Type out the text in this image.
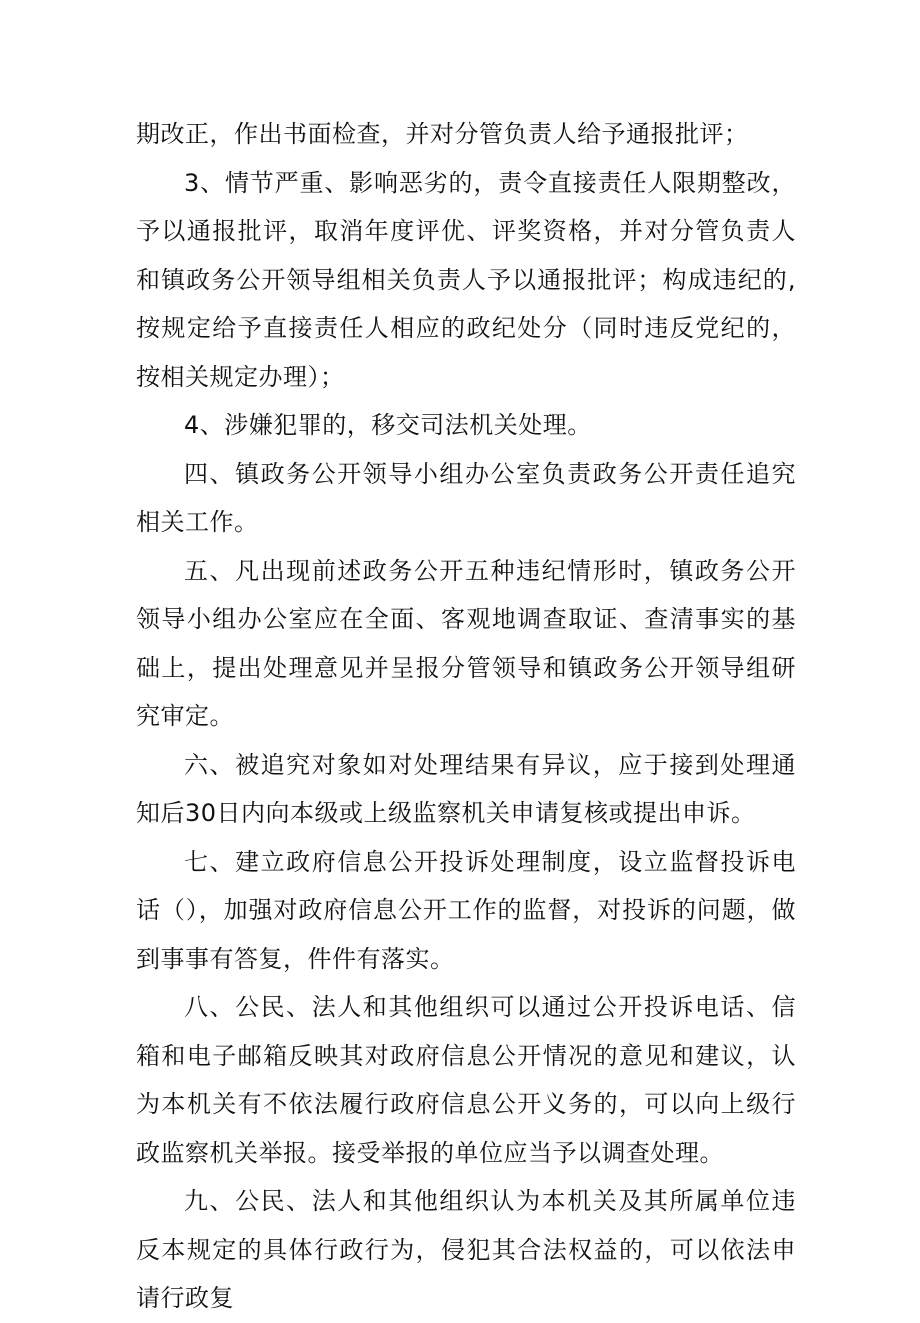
期改正，作出书面检查，并对分管负责人给予通报批评；

3、情节严重、影响恶劣的，责令直接责任人限期整改，予以通报批评，取消年度评优、评奖资格，并对分管负责人和镇政务公开领导组相关负责人予以通报批评；构成违纪的,按规定给予直接责任人相应的政纪处分（同时违反党纪的，按相关规定办理）；

4、涉嫌犯罪的，移交司法机关处理。

四、镇政务公开领导小组办公室负责政务公开责任追究相关工作。

五、凡出现前述政务公开五种违纪情形时，镇政务公开领导小组办公室应在全面、客观地调查取证、查清事实的基础上，提出处理意见并呈报分管领导和镇政务公开领导组研究审定。

六、被追究对象如对处理结果有异议，应于接到处理通知后30日内向本级或上级监察机关申请复核或提出申诉。

七、建立政府信息公开投诉处理制度，设立监督投诉电话（），加强对政府信息公开工作的监督，对投诉的问题，做到事事有答复，件件有落实。

八、公民、法人和其他组织可以通过公开投诉电话、信箱和电子邮箱反映其对政府信息公开情况的意见和建议，认为本机关有不依法履行政府信息公开义务的，可以向上级行政监察机关举报。接受举报的单位应当予以调查处理。

九、公民、法人和其他组织认为本机关及其所属单位违反本规定的具体行政行为，侵犯其合法权益的，可以依法申请行政复
